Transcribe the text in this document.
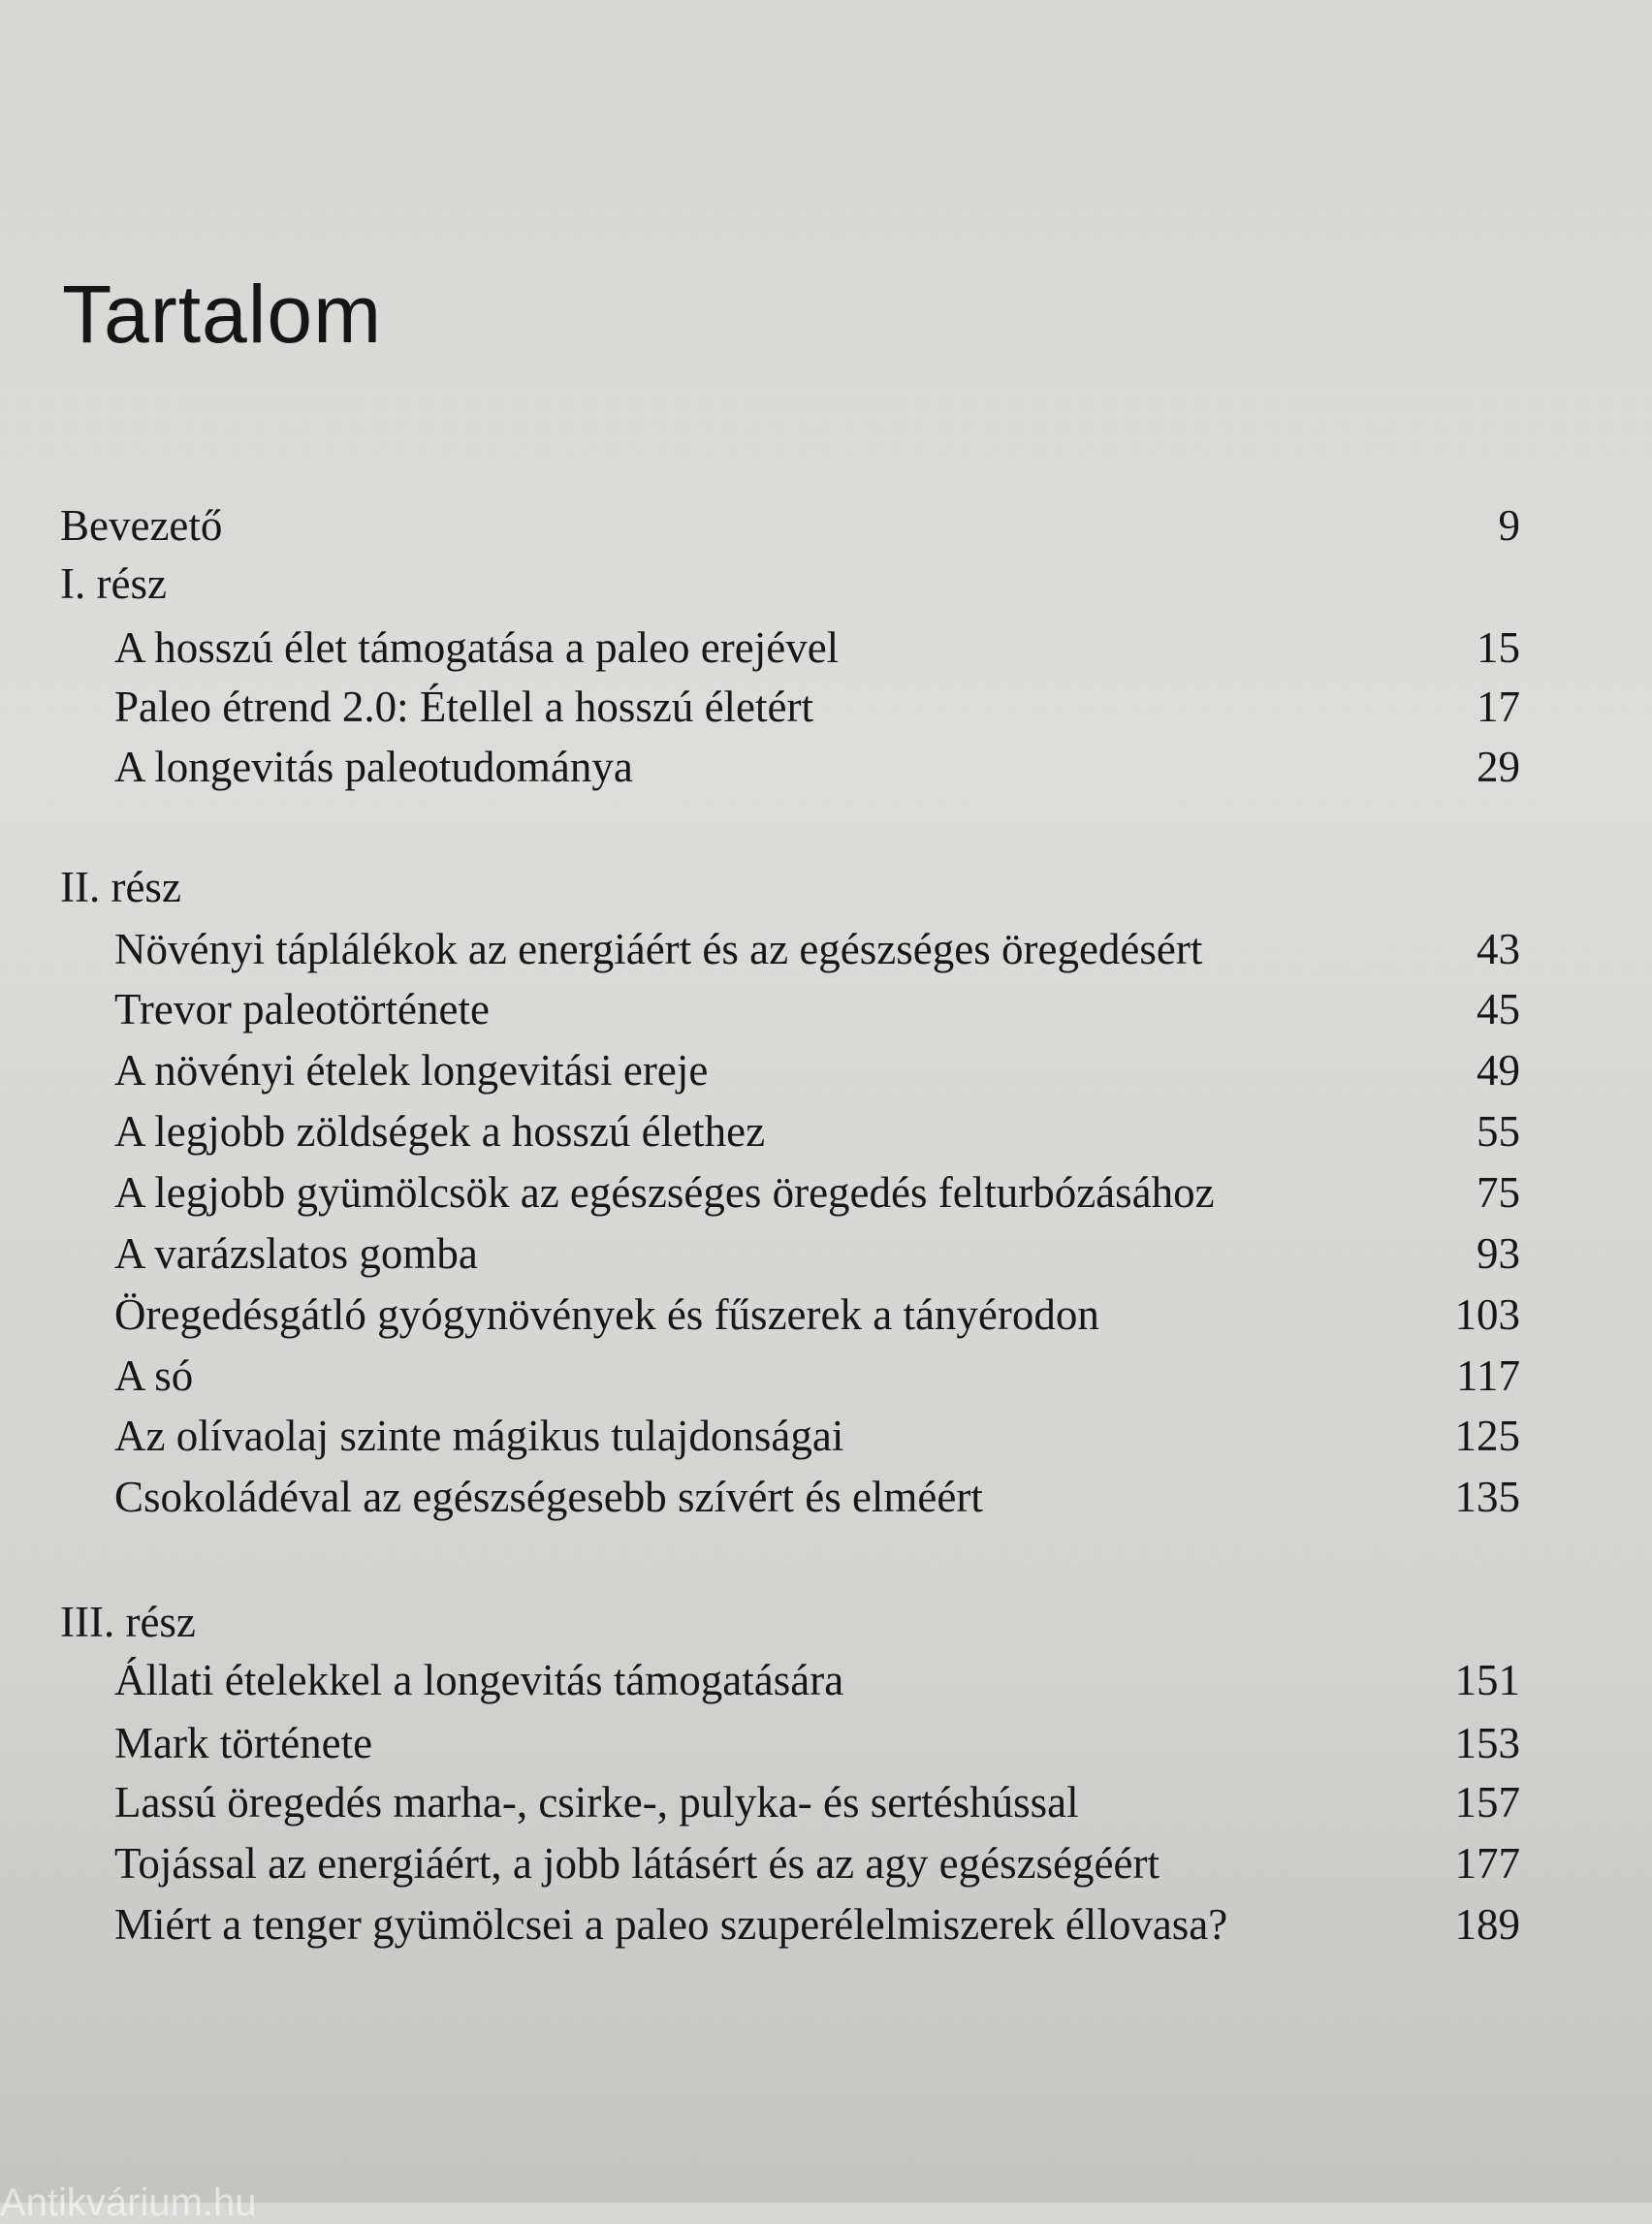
Tartalom
Bevezető	9
I. rész
A hosszú élet támogatása a paleo erejével	15
Paleo étrend 2.0: Étellel a hosszú életért	17
A longevitás paleotudománya	29
II. rész
Növényi táplálékok az energiáért és az egészséges öregedésért	43
Trevor paleotörténete	45
A növényi ételek longevitási ereje	49
A legjobb zöldségek a hosszú élethez	55
A legjobb gyümölcsök az egészséges öregedés felturbózásához	75
A varázslatos gomba	93
Öregedésgátló gyógynövények és fűszerek a tányérodon	103
A só	117
Az olívaolaj szinte mágikus tulajdonságai	125
Csokoládéval az egészségesebb szívért és elméért	135
III. rész
Állati ételekkel a longevitás támogatására	151
Mark története	153
Lassú öregedés marha-, csirke-, pulyka- és sertéshússal	157
Tojással az energiáért, a jobb látásért és az agy egészségéért	177
Miért a tenger gyümölcsei a paleo szuperélelmiszerek éllovasa?	189
Antikvárium.hu
